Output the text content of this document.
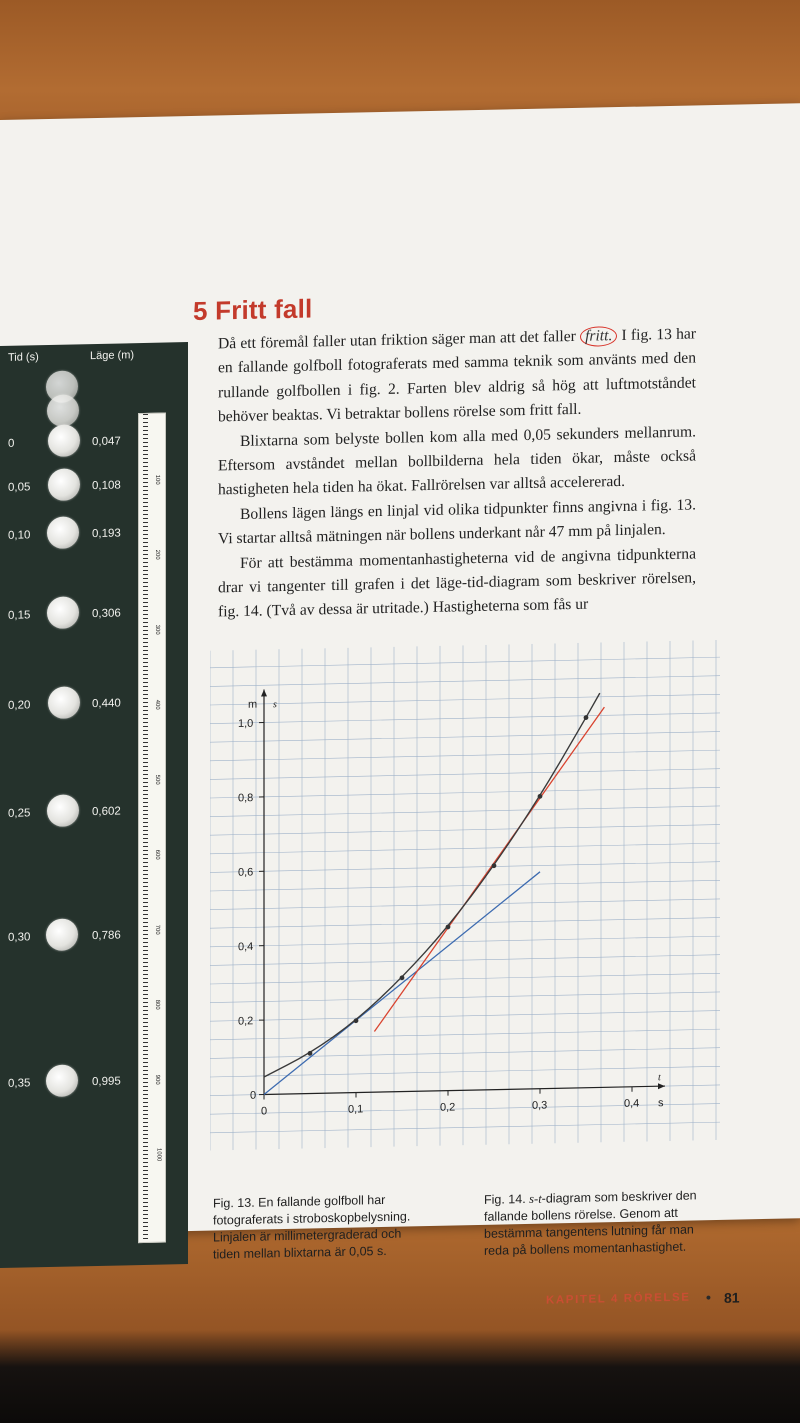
5 Fritt fall

Då ett föremål faller utan friktion säger man att det faller fritt. I fig. 13 har en fallande golfboll fotograferats med samma teknik som använts med den rullande golfbollen i fig. 2. Farten blev aldrig så hög att luftmotståndet behöver beaktas. Vi betraktar bollens rörelse som fritt fall.

Blixtarna som belyste bollen kom alla med 0,05 sekunders mellanrum. Eftersom avståndet mellan bollbilderna hela tiden ökar, måste också hastigheten hela tiden ha ökat. Fallrörelsen var alltså accelererad.

Bollens lägen längs en linjal vid olika tidpunkter finns angivna i fig. 13. Vi startar alltså mätningen när bollens underkant når 47 mm på linjalen.

För att bestämma momentanhastigheterna vid de angivna tidpunkterna drar vi tangenter till grafen i det läge-tid-diagram som beskriver rörelsen, fig. 14. (Två av dessa är utritade.) Hastigheterna som fås ur

Tid (s)	Läge (m)
0	0,047
0,05	0,108
0,10	0,193
0,15	0,306
0,20	0,440
0,25	0,602
0,30	0,786
0,35	0,995
100
200
300
400
500
600
700
800
900
1000
0	0,1	0,2	0,3	0,4
0
0,2
0,4
0,6
0,8
1,0
m s
t
s
Fig. 13. En fallande golfboll har fotograferats i stroboskopbelysning. Linjalen är millimetergraderad och tiden mellan blixtarna är 0,05 s.
Fig. 14. s-t-diagram som beskriver den fallande bollens rörelse. Genom att bestämma tangentens lutning får man reda på bollens momentanhastighet.
KAPITEL 4 RÖRELSE • 81
